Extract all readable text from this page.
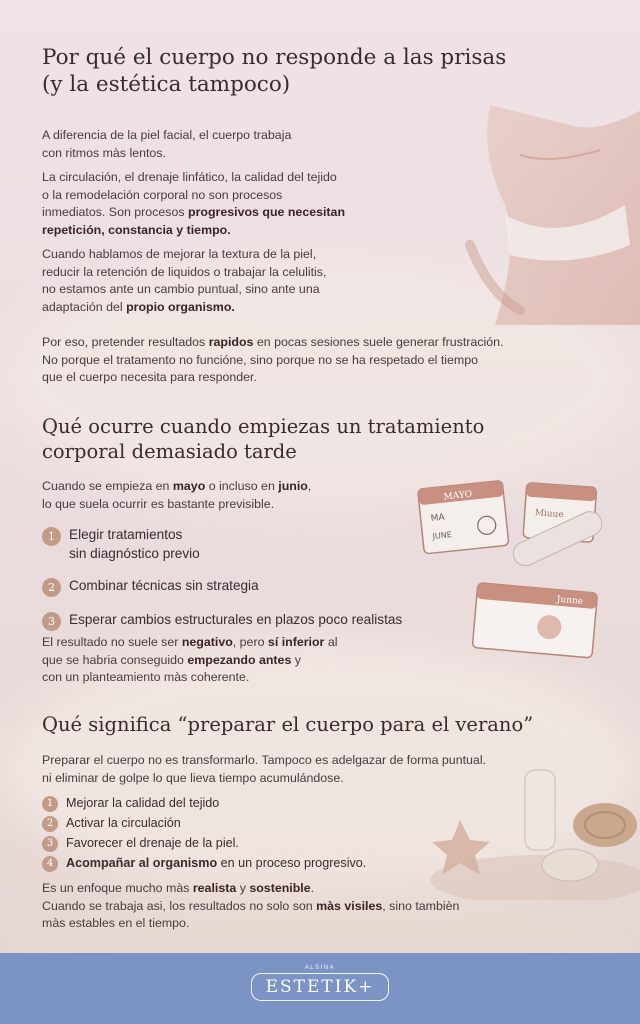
MAYO
MA
JUNE
Miuue
Junne
Por qué el cuerpo no responde a las prisas
(y la estética tampoco)

A diferencia de la piel facial, el cuerpo trabaja
con ritmos màs lentos.

La circulación, el drenaje linfático, la calidad del tejido
o la remodelación corporal no son procesos
inmediatos. Son procesos progresivos que necesitan
repetición, constancia y tiempo.

Cuando hablamos de mejorar la textura de la piel,
reducir la retención de liquidos o trabajar la celulitis,
no estamos ante un cambio puntual, sino ante una
adaptación del propio organismo.

Por eso, pretender resultados rapidos en pocas sesiones suele generar frustración.
No porque el tratamento no funcióne, sino porque no se ha respetado el tiempo
que el cuerpo necesita para responder.

Qué ocurre cuando empiezas un tratamiento
corporal demasiado tarde

Cuando se empieza en mayo o incluso en junio,
lo que suela ocurrir es bastante previsible.

1	Elegir tratamientos
sin diagnóstico previo
2	Combinar técnicas sin strategia
3	Esperar cambios estructurales en plazos poco realistas

El resultado no suele ser negativo, pero sí inferior al
que se habria conseguido empezando antes y
con un planteamiento màs coherente.

Qué significa “preparar el cuerpo para el verano”

Preparar el cuerpo no es transformarlo. Tampoco es adelgazar de forma puntual.
ni eliminar de golpe lo que lieva tiempo acumulándose.

1	Mejorar la calidad del tejido
2	Activar la circulación
3	Favorecer el drenaje de la piel.
4	Acompañar al organismo en un proceso progresivo.

Es un enfoque mucho màs realista y sostenible.
Cuando se trabaja asi, los resultados no solo son màs visiles, sino tambièn
màs estables en el tiempo.

ALSINA
ESTETIK+
